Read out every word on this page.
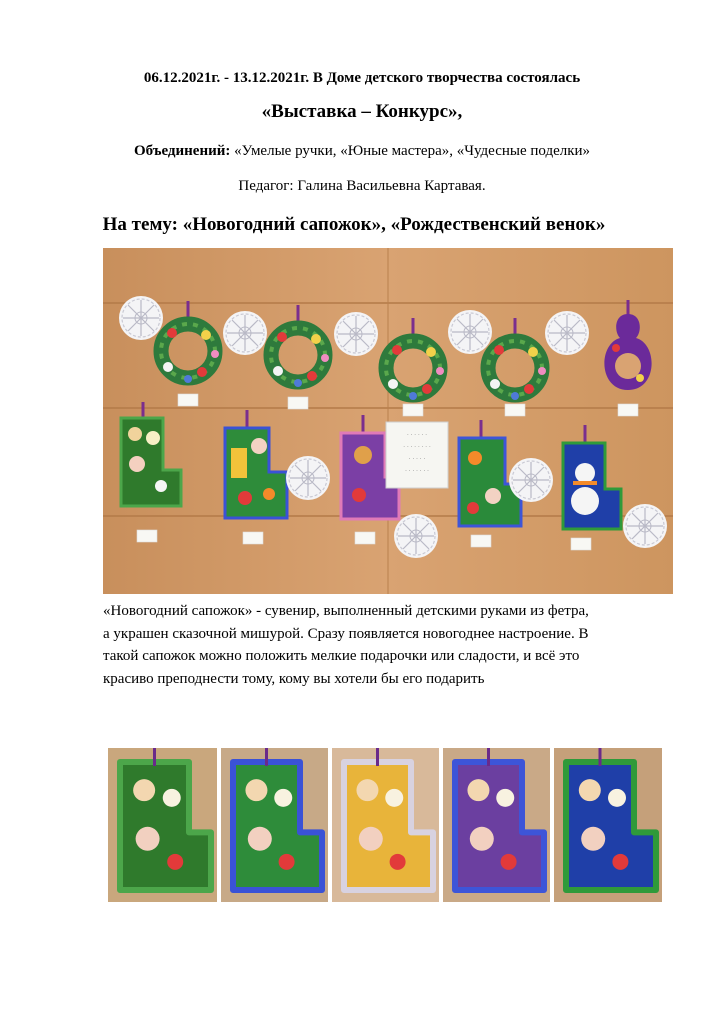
06.12.2021г. - 13.12.2021г. В Доме детского творчества состоялась
«Выставка – Конкурс»,
Объединений: «Умелые ручки, «Юные мастера», «Чудесные поделки»
Педагог: Галина Васильевна Картавая.
На тему: «Новогодний сапожок», «Рождественский венок»
· · · · · ·
· · · · · · · ·
· · · · ·
· · · · · · ·
«Новогодний сапожок» - сувенир, выполненный детскими руками из фетра,
а украшен сказочной мишурой. Сразу появляется новогоднее настроение. В
такой сапожок можно положить мелкие подарочки или сладости, и всё это
красиво преподнести тому, кому вы хотели бы его подарить
